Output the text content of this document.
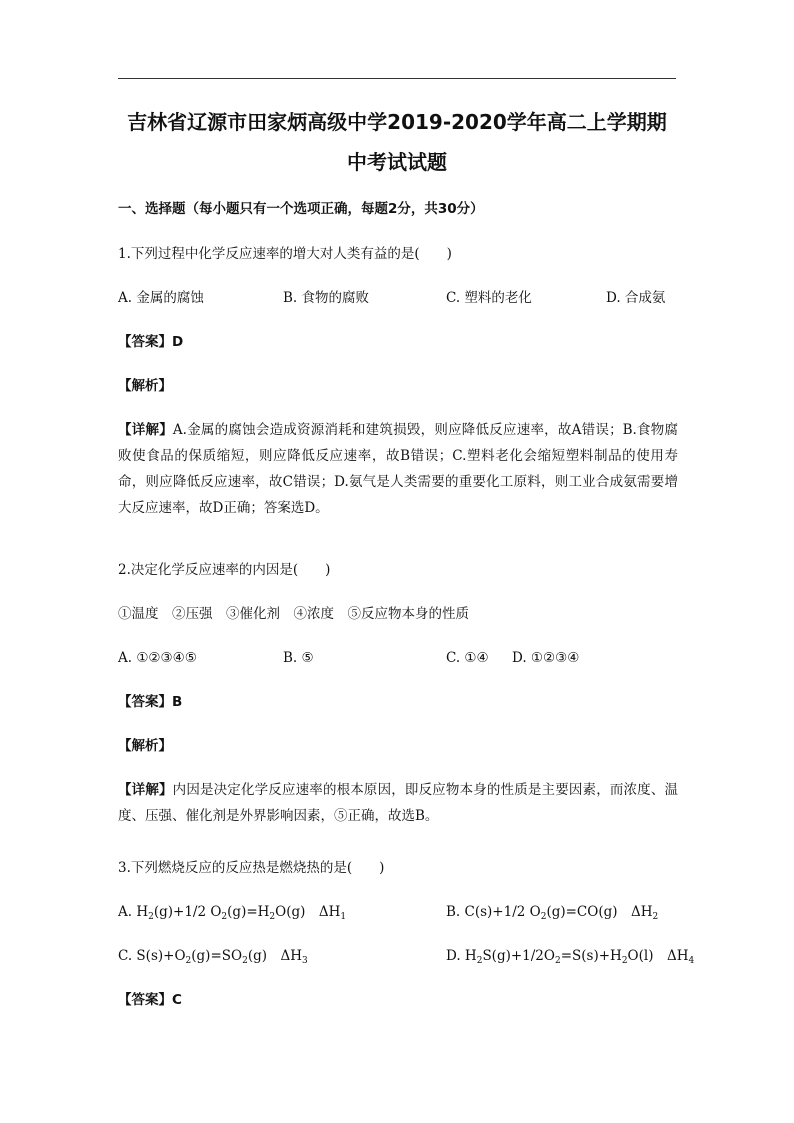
吉林省辽源市田家炳高级中学2019-2020学年高二上学期期
中考试试题
一、选择题（每小题只有一个选项正确，每题2分，共30分）
1.下列过程中化学反应速率的增大对人类有益的是(　　)
A. 金属的腐蚀	B. 食物的腐败	C. 塑料的老化	D. 合成氨
【答案】D
【解析】
【详解】A.金属的腐蚀会造成资源消耗和建筑损毁，则应降低反应速率，故A错误；B.食物腐败使食品的保质缩短，则应降低反应速率，故B错误；C.塑料老化会缩短塑料制品的使用寿命，则应降低反应速率，故C错误；D.氨气是人类需要的重要化工原料，则工业合成氨需要增大反应速率，故D正确；答案选D。
2.决定化学反应速率的内因是(　　)
①温度　②压强　③催化剂　④浓度　⑤反应物本身的性质
A. ①②③④⑤	B. ⑤	C. ①④ D. ①②③④
【答案】B
【解析】
【详解】内因是决定化学反应速率的根本原因，即反应物本身的性质是主要因素，而浓度、温度、压强、催化剂是外界影响因素，⑤正确，故选B。
3.下列燃烧反应的反应热是燃烧热的是(　　)
A. $H_2(g)+1/2$ $O_2(g)=H_2O(g)$　$\Delta H_1$	B. C(s)+1/2 $O_2(g)=CO(g)$　$\Delta H_2$
C. $S(s)+O_2(g)=SO_2(g)$　$\Delta H_3$	D. $H_2S(g)+1/2O_2=S(s)+H_2O(l)$　$\Delta H_4$
【答案】C
